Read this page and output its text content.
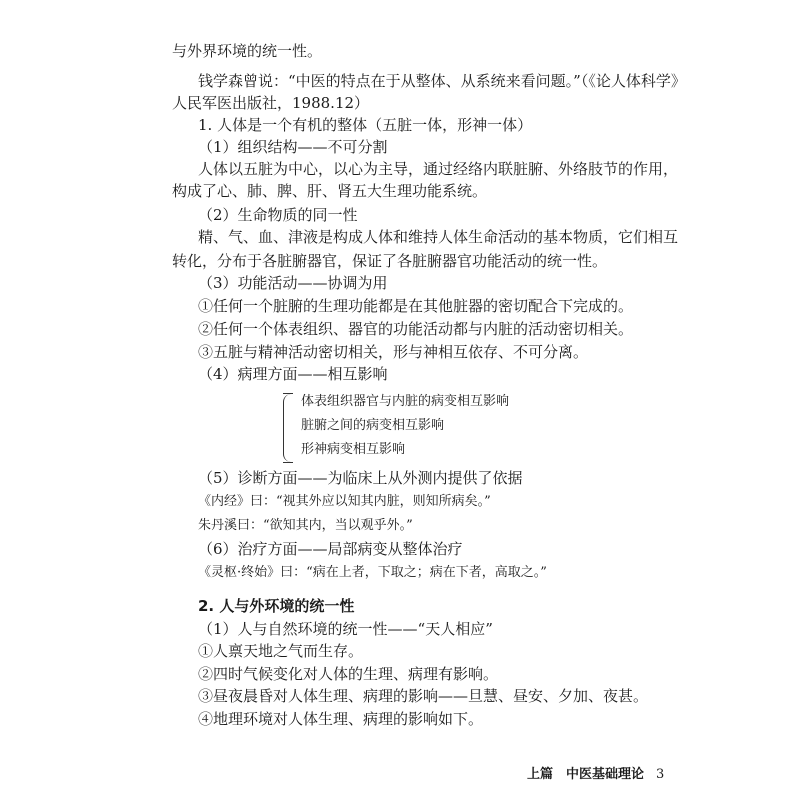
与外界环境的统一性。
钱学森曾说：“中医的特点在于从整体、从系统来看问题。”（《论人体科学》
人民军医出版社，1988.12）
1. 人体是一个有机的整体（五脏一体，形神一体）
（1）组织结构——不可分割
人体以五脏为中心，以心为主导，通过经络内联脏腑、外络肢节的作用，
构成了心、肺、脾、肝、肾五大生理功能系统。
（2）生命物质的同一性
精、气、血、津液是构成人体和维持人体生命活动的基本物质，它们相互
转化，分布于各脏腑器官，保证了各脏腑器官功能活动的统一性。
（3）功能活动——协调为用
①任何一个脏腑的生理功能都是在其他脏器的密切配合下完成的。
②任何一个体表组织、器官的功能活动都与内脏的活动密切相关。
③五脏与精神活动密切相关，形与神相互依存、不可分离。
（4）病理方面——相互影响
体表组织器官与内脏的病变相互影响
脏腑之间的病变相互影响
形神病变相互影响
（5）诊断方面——为临床上从外测内提供了依据
《内经》曰：“视其外应以知其内脏，则知所病矣。”
朱丹溪曰：“欲知其内，当以观乎外。”
（6）治疗方面——局部病变从整体治疗
《灵枢·终始》曰：“病在上者，下取之；病在下者，高取之。”
2. 人与外环境的统一性
（1）人与自然环境的统一性——“天人相应”
①人禀天地之气而生存。
②四时气候变化对人体的生理、病理有影响。
③昼夜晨昏对人体生理、病理的影响——旦慧、昼安、夕加、夜甚。
④地理环境对人体生理、病理的影响如下。
上篇　中医基础理论 3
